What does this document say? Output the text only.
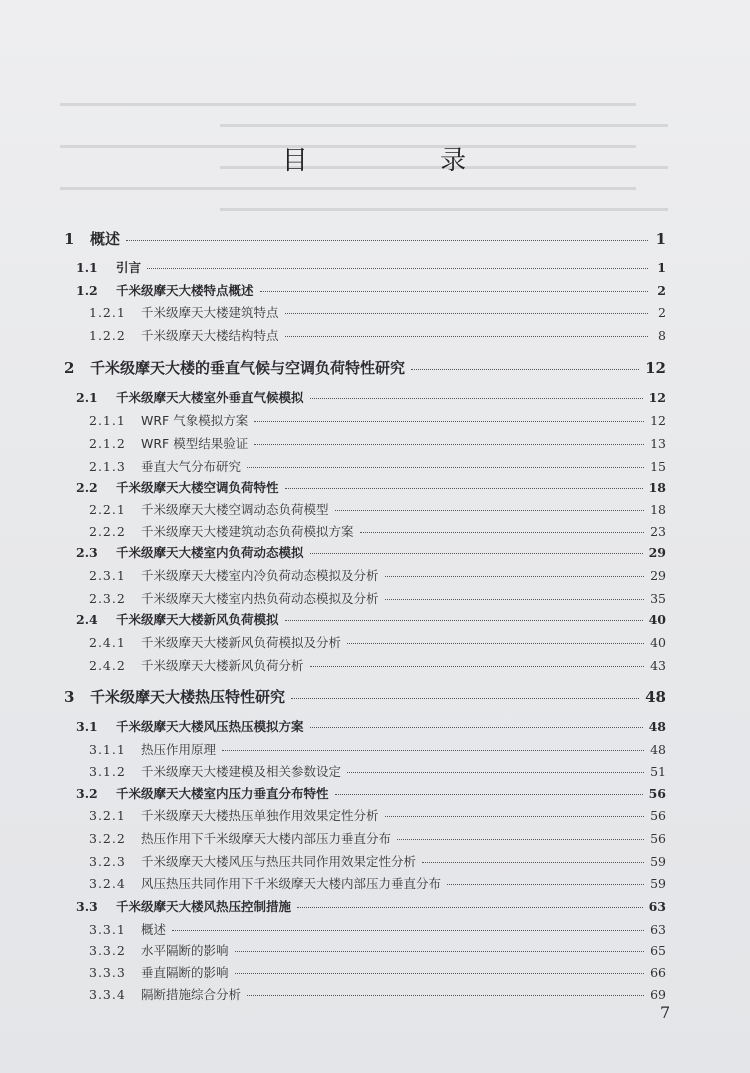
目 录
1	概述	1
1.1	引言	1
1.2	千米级摩天大楼特点概述	2
1.2.1	千米级摩天大楼建筑特点	2
1.2.2	千米级摩天大楼结构特点	8
2	千米级摩天大楼的垂直气候与空调负荷特性研究	12
2.1	千米级摩天大楼室外垂直气候模拟	12
2.1.1	WRF 气象模拟方案	12
2.1.2	WRF 模型结果验证	13
2.1.3	垂直大气分布研究	15
2.2	千米级摩天大楼空调负荷特性	18
2.2.1	千米级摩天大楼空调动态负荷模型	18
2.2.2	千米级摩天大楼建筑动态负荷模拟方案	23
2.3	千米级摩天大楼室内负荷动态模拟	29
2.3.1	千米级摩天大楼室内冷负荷动态模拟及分析	29
2.3.2	千米级摩天大楼室内热负荷动态模拟及分析	35
2.4	千米级摩天大楼新风负荷模拟	40
2.4.1	千米级摩天大楼新风负荷模拟及分析	40
2.4.2	千米级摩天大楼新风负荷分析	43
3	千米级摩天大楼热压特性研究	48
3.1	千米级摩天大楼风压热压模拟方案	48
3.1.1	热压作用原理	48
3.1.2	千米级摩天大楼建模及相关参数设定	51
3.2	千米级摩天大楼室内压力垂直分布特性	56
3.2.1	千米级摩天大楼热压单独作用效果定性分析	56
3.2.2	热压作用下千米级摩天大楼内部压力垂直分布	56
3.2.3	千米级摩天大楼风压与热压共同作用效果定性分析	59
3.2.4	风压热压共同作用下千米级摩天大楼内部压力垂直分布	59
3.3	千米级摩天大楼风热压控制措施	63
3.3.1	概述	63
3.3.2	水平隔断的影响	65
3.3.3	垂直隔断的影响	66
3.3.4	隔断措施综合分析	69
7
